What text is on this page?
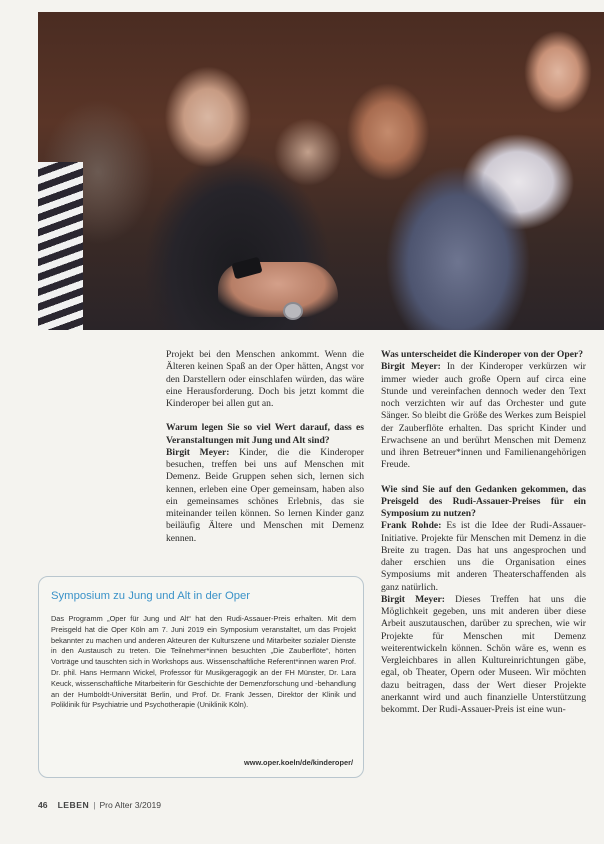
Projekt bei den Menschen ankommt. Wenn die Älteren keinen Spaß an der Oper hätten, Angst vor den Darstellern oder einschlafen würden, das wäre eine Herausforderung. Doch bis jetzt kommt die Kinderoper bei allen gut an.

Warum legen Sie so viel Wert darauf, dass es Veranstaltungen mit Jung und Alt sind?

Birgit Meyer: Kinder, die die Kinderoper besuchen, treffen bei uns auf Menschen mit Demenz. Beide Gruppen sehen sich, lernen sich kennen, erleben eine Oper gemeinsam, haben also ein gemeinsames schönes Erlebnis, das sie miteinander teilen können. So lernen Kinder ganz beiläufig Ältere und Menschen mit Demenz kennen.

Symposium zu Jung und Alt in der Oper
Das Programm „Oper für Jung und Alt“ hat den Rudi-Assauer-Preis erhalten. Mit dem Preisgeld hat die Oper Köln am 7. Juni 2019 ein Symposium veranstaltet, um das Projekt bekannter zu machen und anderen Akteuren der Kulturszene und Mitarbeiter sozialer Dienste in den Austausch zu treten. Die Teilnehmer*innen besuchten „Die Zauberflöte“, hörten Vorträge und tauschten sich in Workshops aus. Wissenschaftliche Referent*innen waren Prof. Dr. phil. Hans Hermann Wickel, Professor für Musikgeragogik an der FH Münster, Dr. Lara Keuck, wissenschaftliche Mitarbeiterin für Geschichte der Demenzforschung und -behandlung an der Humboldt-Universität Berlin, und Prof. Dr. Frank Jessen, Direktor der Klinik und Poliklinik für Psychiatrie und Psychotherapie (Uniklinik Köln).
www.oper.koeln/de/kinderoper/

Was unterscheidet die Kinderoper von der Oper?

Birgit Meyer: In der Kinderoper verkürzen wir immer wieder auch große Opern auf circa eine Stunde und vereinfachen dennoch weder den Text noch verzichten wir auf das Orchester und gute Sänger. So bleibt die Größe des Werkes zum Beispiel der Zauberflöte erhalten. Das spricht Kinder und Erwachsene an und berührt Menschen mit Demenz und ihren Betreuer*innen und Familienangehörigen Freude.

Wie sind Sie auf den Gedanken gekommen, das Preisgeld des Rudi-Assauer-Preises für ein Symposium zu nutzen?

Frank Rohde: Es ist die Idee der Rudi-Assauer-Initiative. Projekte für Menschen mit Demenz in die Breite zu tragen. Das hat uns angesprochen und daher erschien uns die Organisation eines Symposiums mit anderen Theaterschaffenden als ganz natürlich.

Birgit Meyer: Dieses Treffen hat uns die Möglichkeit gegeben, uns mit anderen über diese Arbeit auszutauschen, darüber zu sprechen, wie wir Projekte für Menschen mit Demenz weiterentwickeln können. Schön wäre es, wenn es Vergleichbares in allen Kultureinrichtungen gäbe, egal, ob Theater, Opern oder Museen. Wir möchten dazu beitragen, dass der Wert dieser Projekte anerkannt wird und auch finanzielle Unterstützung bekommt. Der Rudi-Assauer-Preis ist eine wun-

46 LEBEN | Pro Alter 3/2019
